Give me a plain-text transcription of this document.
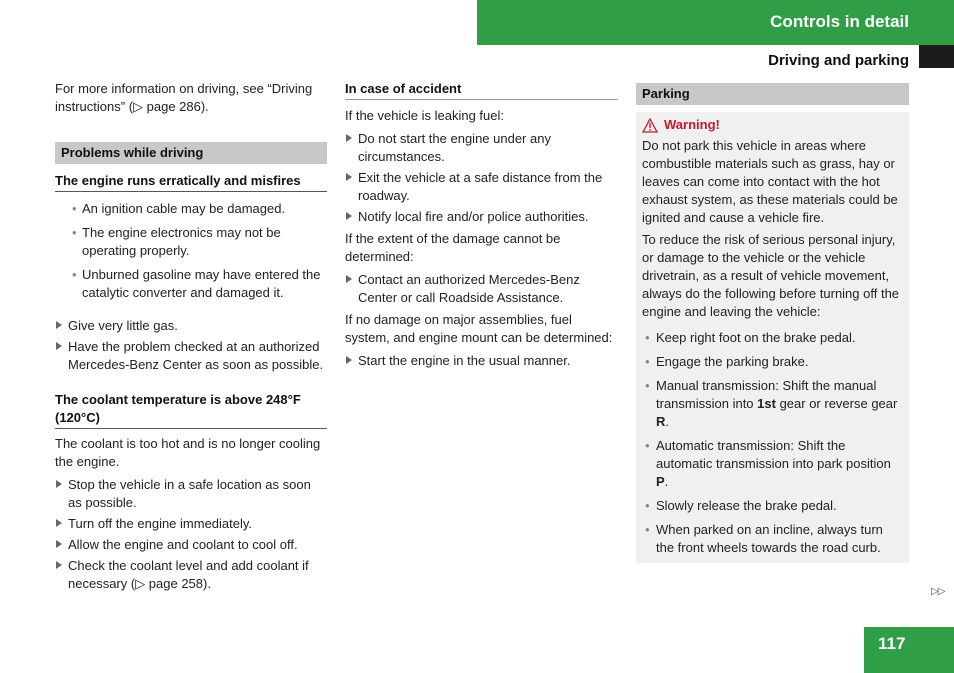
Controls in detail
Driving and parking

For more information on driving, see “Driving instructions” (▷ page 286).

Problems while driving
The engine runs erratically and misfires
• An ignition cable may be damaged.
• The engine electronics may not be operating properly.
• Unburned gasoline may have entered the catalytic converter and damaged it.
Give very little gas.
Have the problem checked at an authorized Mercedes-Benz Center as soon as possible.
The coolant temperature is above 248°F (120°C)

The coolant is too hot and is no longer cooling the engine.

Stop the vehicle in a safe location as soon as possible.
Turn off the engine immediately.
Allow the engine and coolant to cool off.
Check the coolant level and add coolant if necessary (▷ page 258).
In case of accident

If the vehicle is leaking fuel:

Do not start the engine under any circumstances.
Exit the vehicle at a safe distance from the roadway.
Notify local fire and/or police authorities.

If the extent of the damage cannot be determined:

Contact an authorized Mercedes-Benz Center or call Roadside Assistance.

If no damage on major assemblies, fuel system, and engine mount can be determined:

Start the engine in the usual manner.
Parking
Warning!

Do not park this vehicle in areas where combustible materials such as grass, hay or leaves can come into contact with the hot exhaust system, as these materials could be ignited and cause a vehicle fire.

To reduce the risk of serious personal injury, or damage to the vehicle or the vehicle drivetrain, as a result of vehicle movement, always do the following before turning off the engine and leaving the vehicle:

• Keep right foot on the brake pedal.
• Engage the parking brake.
• Manual transmission: Shift the manual transmission into 1st gear or reverse gear R.
• Automatic transmission: Shift the automatic transmission into park position P.
• Slowly release the brake pedal.
• When parked on an incline, always turn the front wheels towards the road curb.
▷▷
117
